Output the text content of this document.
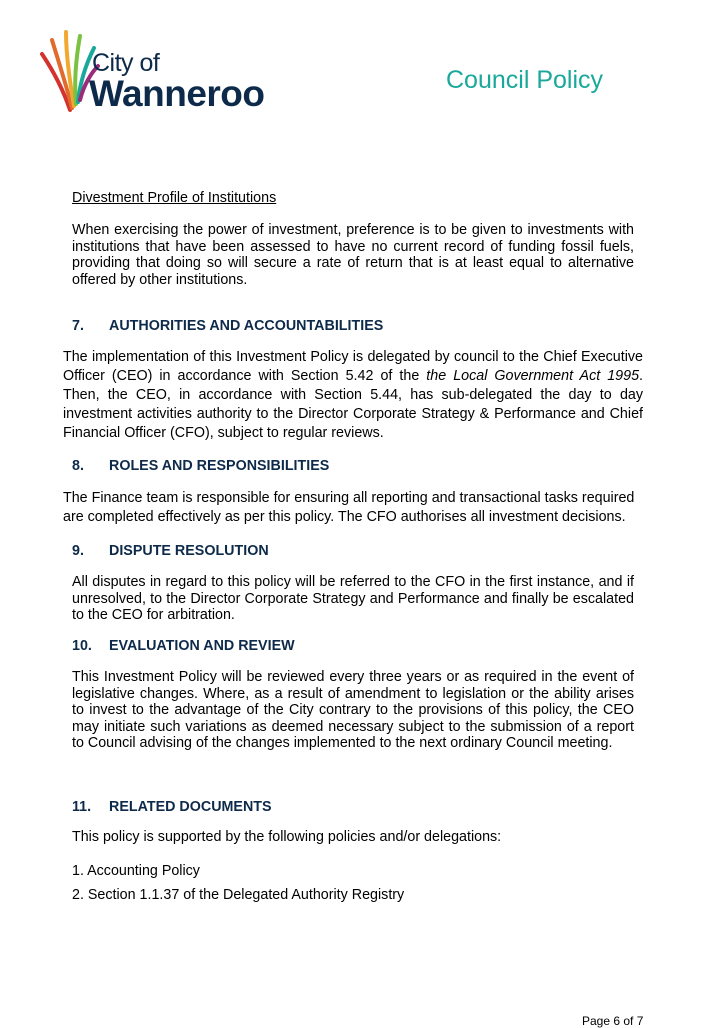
City of
Wanneroo	Council Policy
Divestment Profile of Institutions
When exercising the power of investment, preference is to be given to investments with institutions that have been assessed to have no current record of funding fossil fuels, providing that doing so will secure a rate of return that is at least equal to alternative offered by other institutions.
7. AUTHORITIES AND ACCOUNTABILITIES
The implementation of this Investment Policy is delegated by council to the Chief Executive Officer (CEO) in accordance with Section 5.42 of the the Local Government Act 1995. Then, the CEO, in accordance with Section 5.44, has sub-delegated the day to day investment activities authority to the Director Corporate Strategy & Performance and Chief Financial Officer (CFO), subject to regular reviews.
8. ROLES AND RESPONSIBILITIES
The Finance team is responsible for ensuring all reporting and transactional tasks required are completed effectively as per this policy. The CFO authorises all investment decisions.
9. DISPUTE RESOLUTION
All disputes in regard to this policy will be referred to the CFO in the first instance, and if unresolved, to the Director Corporate Strategy and Performance and finally be escalated to the CEO for arbitration.
10. EVALUATION AND REVIEW
This Investment Policy will be reviewed every three years or as required in the event of legislative changes. Where, as a result of amendment to legislation or the ability arises to invest to the advantage of the City contrary to the provisions of this policy, the CEO may initiate such variations as deemed necessary subject to the submission of a report to Council advising of the changes implemented to the next ordinary Council meeting.
11. RELATED DOCUMENTS
This policy is supported by the following policies and/or delegations:
1. Accounting Policy
2. Section 1.1.37 of the Delegated Authority Registry
Page 6 of 7
